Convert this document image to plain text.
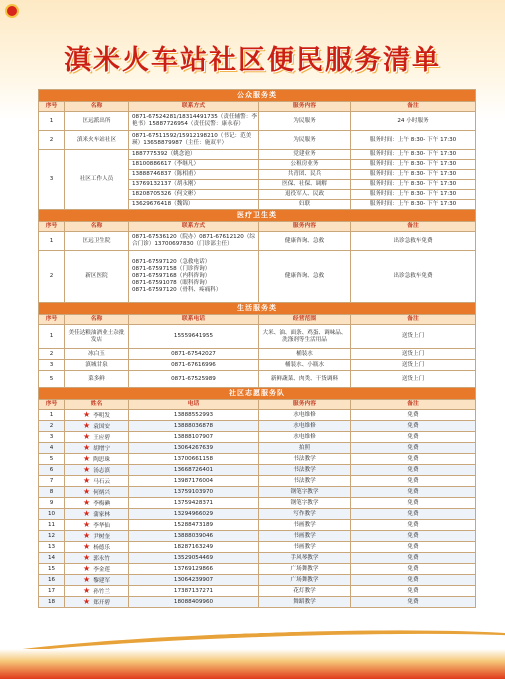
滇米火车站社区便民服务清单
公众服务类				
序号	名称	联系方式	服务内容	备注
1	匡远派出所	0871-67524281/18314491735（责任辅警：李艳书）15887726954（责任民警：康永春）	为民服务	24 小时服务
2	滇米火车站社区	0871-67511592/15912198210（书记：范美瑛）13658879987（主任：施双平）	为民服务	服务时间：上午 8:30- 下午 17:30
3	社区工作人员	1887775392（姚念池）	党建业务	服务时间：上午 8:30- 下午 17:30
		18100886617（李继凡）	公租房业务	服务时间：上午 8:30- 下午 17:30
		13888746837（陈相甫）	共青团、民兵	服务时间：上午 8:30- 下午 17:30
		13769132137（胡永刚）	医保、社保、调解	服务时间：上午 8:30- 下午 17:30
		18208705326（何文彬）	退役军人、民政	服务时间：上午 8:30- 下午 17:30
		13629676418（魏锦）	妇联	服务时间：上午 8:30- 下午 17:30
医疗卫生类				
序号	名称	联系方式	服务内容	备注
1	匡远卫生院	0871-67536120（院办）0871-67612120（综合门诊）13700697830（门诊部主任）	健康咨询、急救	出诊急救车免费
2	新区医院	0871-67597120（急救电话）
0871-67597158（门诊咨询）
0871-67597168（内科咨询）
0871-67591078（眼科咨询）
0871-67597120（骨科、疼痛科）	健康咨询、急救	出诊急救车免费
生活服务类				
序号	名称	联系电话	经营范围	备注
1	美佳达粮油酒业土杂批发店	15559641955	大米、油、面条、鸡蛋、调味品、洗涤剂等生活用品	送货上门
2	冰白玉	0871-67542027	桶装水	送货上门
3	滇城甘泉	0871-67616996	桶装水、小瓶水	送货上门
5	菜多鲜	0871-67525989	新鲜蔬菜、肉类、干货调料	送货上门
社区志愿服务队				
序号	姓名	电话	服务内容	备注
1	★ 李明发	13888552993	水电维修	免费
2	★ 袁国安	13888036878	水电维修	免费
3	★ 王应碧	13888107907	水电维修	免费
4	★ 胡增宁	13064267639	拍照	免费
5	★ 陶思珠	13700661158	书法教学	免费
6	★ 汤志滇	13668726401	书法教学	免费
7	★ 马石云	13987176004	书法教学	免费
8	★ 何炳兴	13759103970	钢笔字教学	免费
9	★ 李梅碘	13759428371	钢笔字教学	免费
10	★ 蒲家林	13294966029	写作教学	免费
11	★ 李华仙	15288473189	书画教学	免费
12	★ 尹树奎	13888039046	书画教学	免费
13	★ 杨德乐	18287163249	书画教学	免费
14	★ 郭永竹	13529054469	手风琴教学	免费
15	★ 李金莲	13769129866	广场舞教学	免费
16	★ 黎建军	13064239907	广场舞教学	免费
17	★ 孙竹兰	17387137271	花灯教学	免费
18	★ 郑开碧	18088409960	舞蹈教学	免费
